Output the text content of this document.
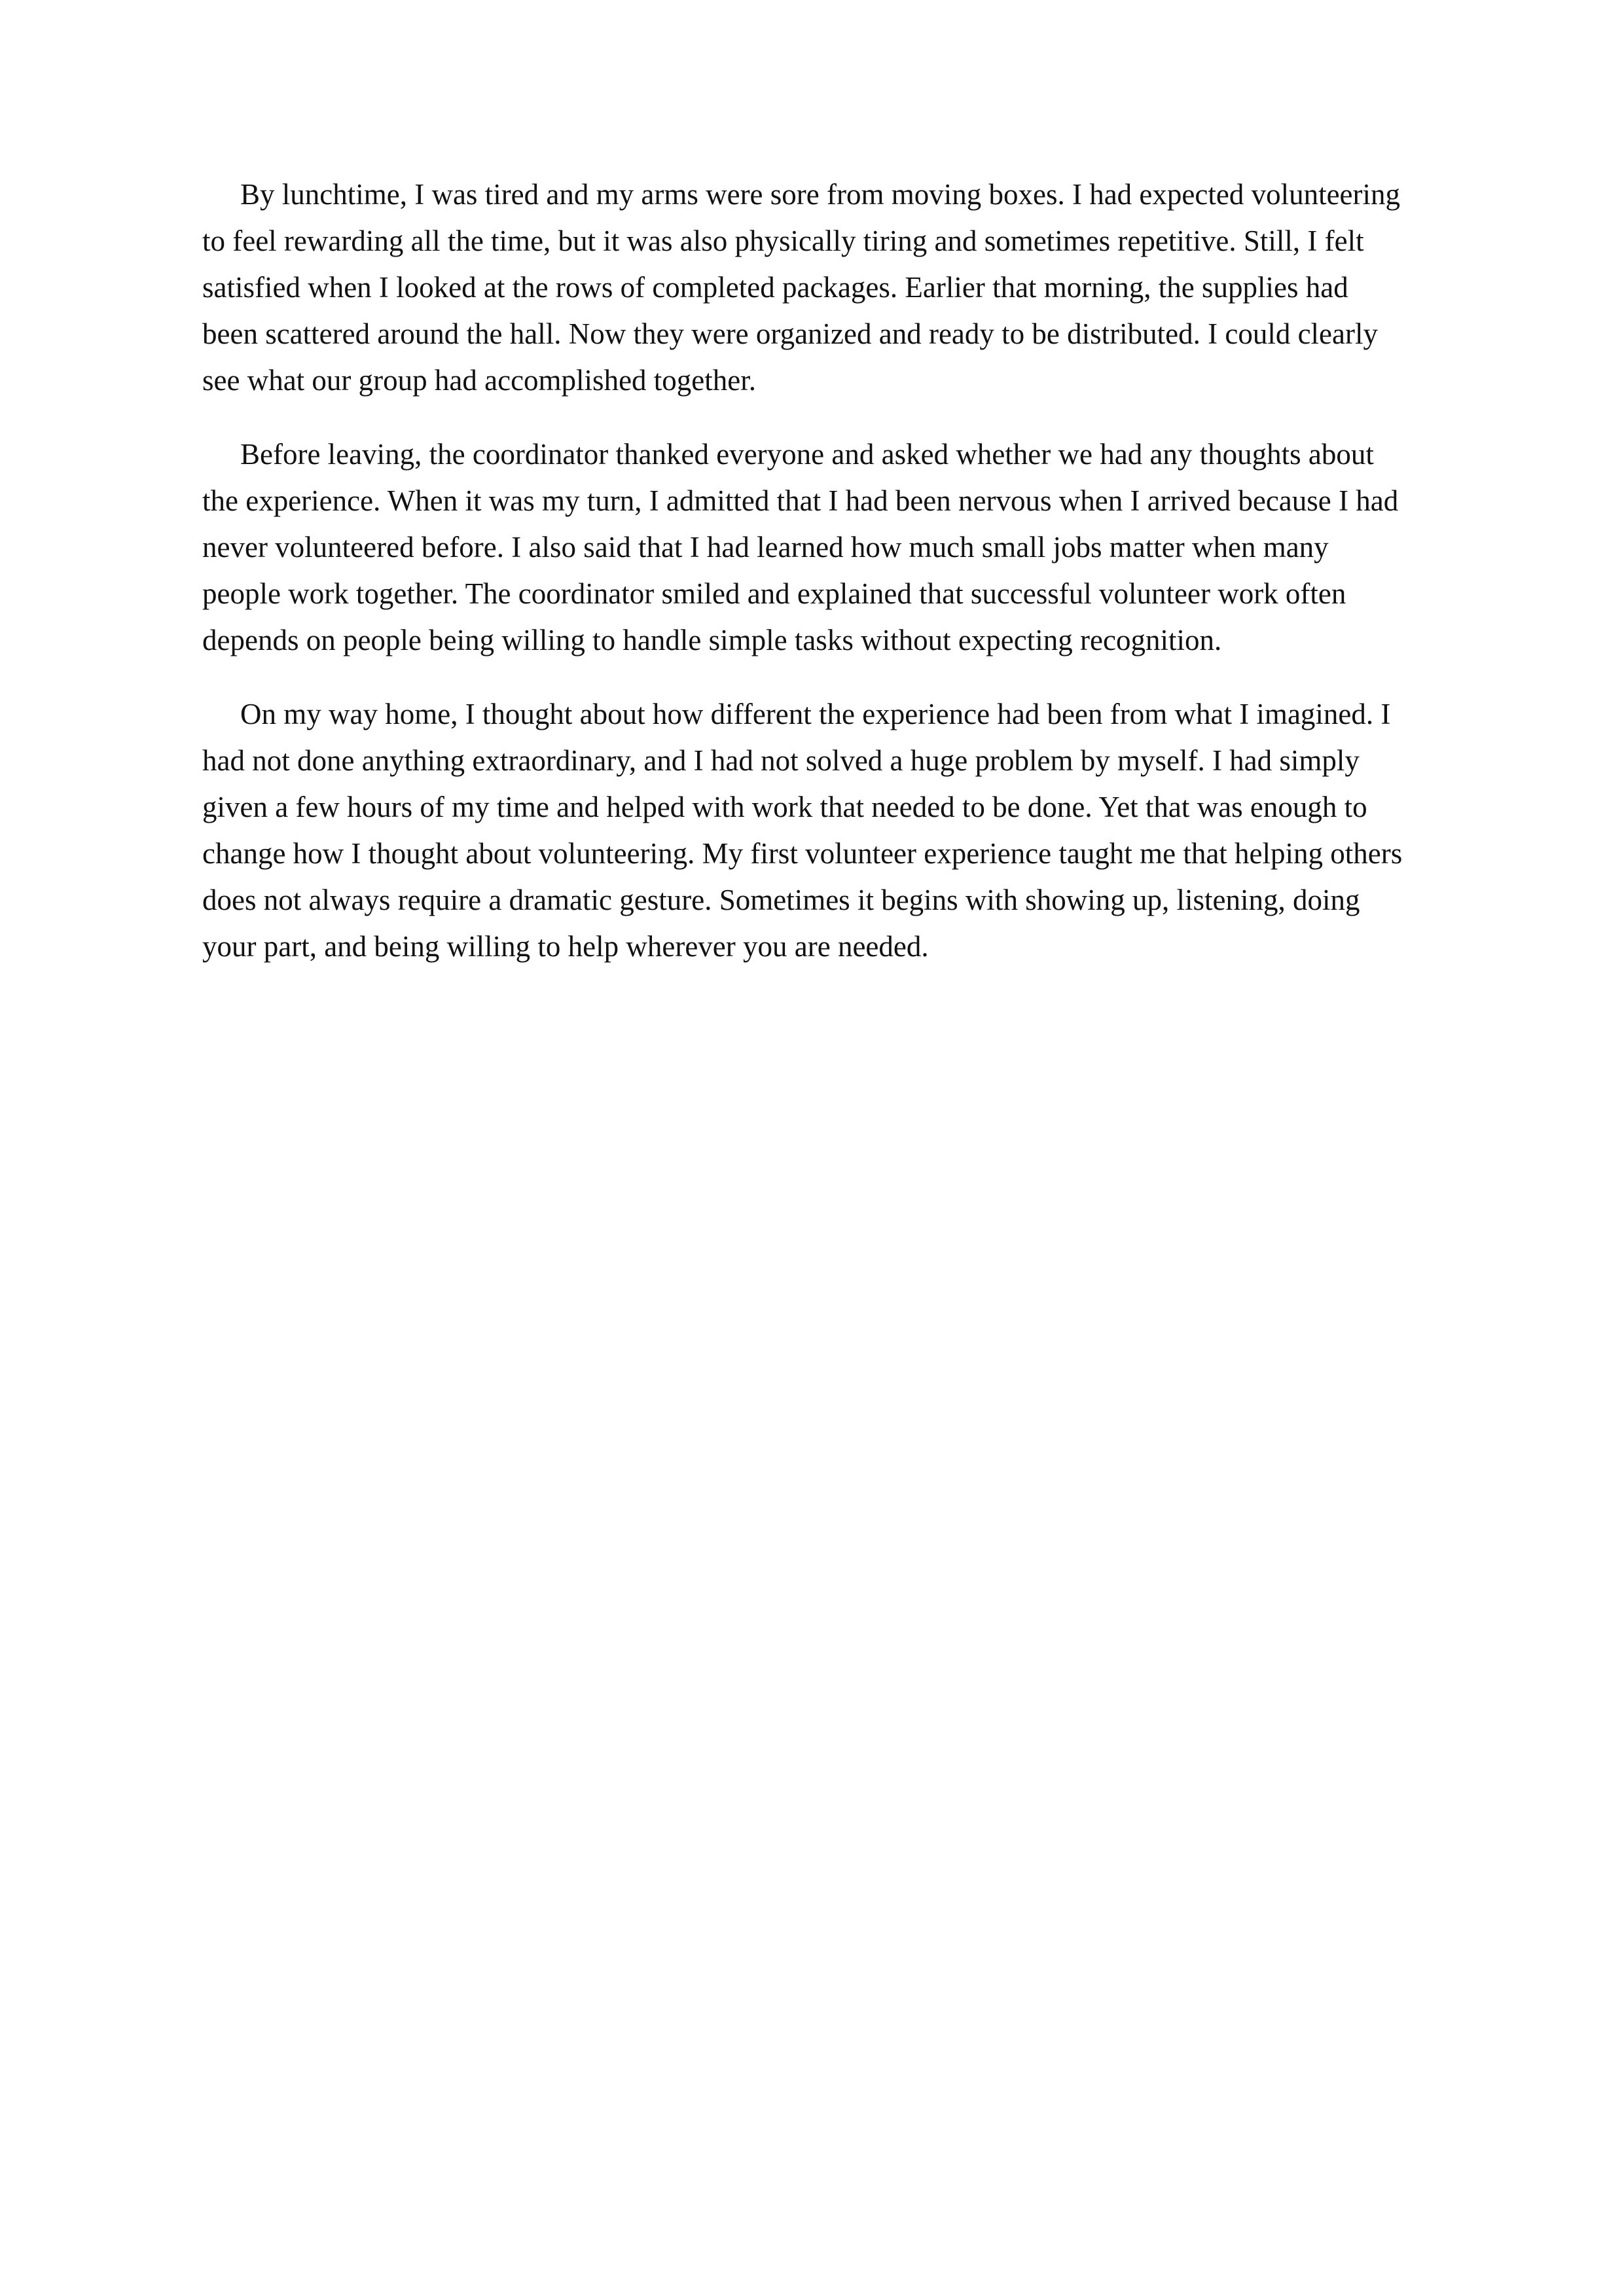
By lunchtime, I was tired and my arms were sore from moving boxes. I had expected volunteering
to feel rewarding all the time, but it was also physically tiring and sometimes repetitive. Still, I felt
satisfied when I looked at the rows of completed packages. Earlier that morning, the supplies had
been scattered around the hall. Now they were organized and ready to be distributed. I could clearly
see what our group had accomplished together.

Before leaving, the coordinator thanked everyone and asked whether we had any thoughts about
the experience. When it was my turn, I admitted that I had been nervous when I arrived because I had
never volunteered before. I also said that I had learned how much small jobs matter when many
people work together. The coordinator smiled and explained that successful volunteer work often
depends on people being willing to handle simple tasks without expecting recognition.

On my way home, I thought about how different the experience had been from what I imagined. I
had not done anything extraordinary, and I had not solved a huge problem by myself. I had simply
given a few hours of my time and helped with work that needed to be done. Yet that was enough to
change how I thought about volunteering. My first volunteer experience taught me that helping others
does not always require a dramatic gesture. Sometimes it begins with showing up, listening, doing
your part, and being willing to help wherever you are needed.
